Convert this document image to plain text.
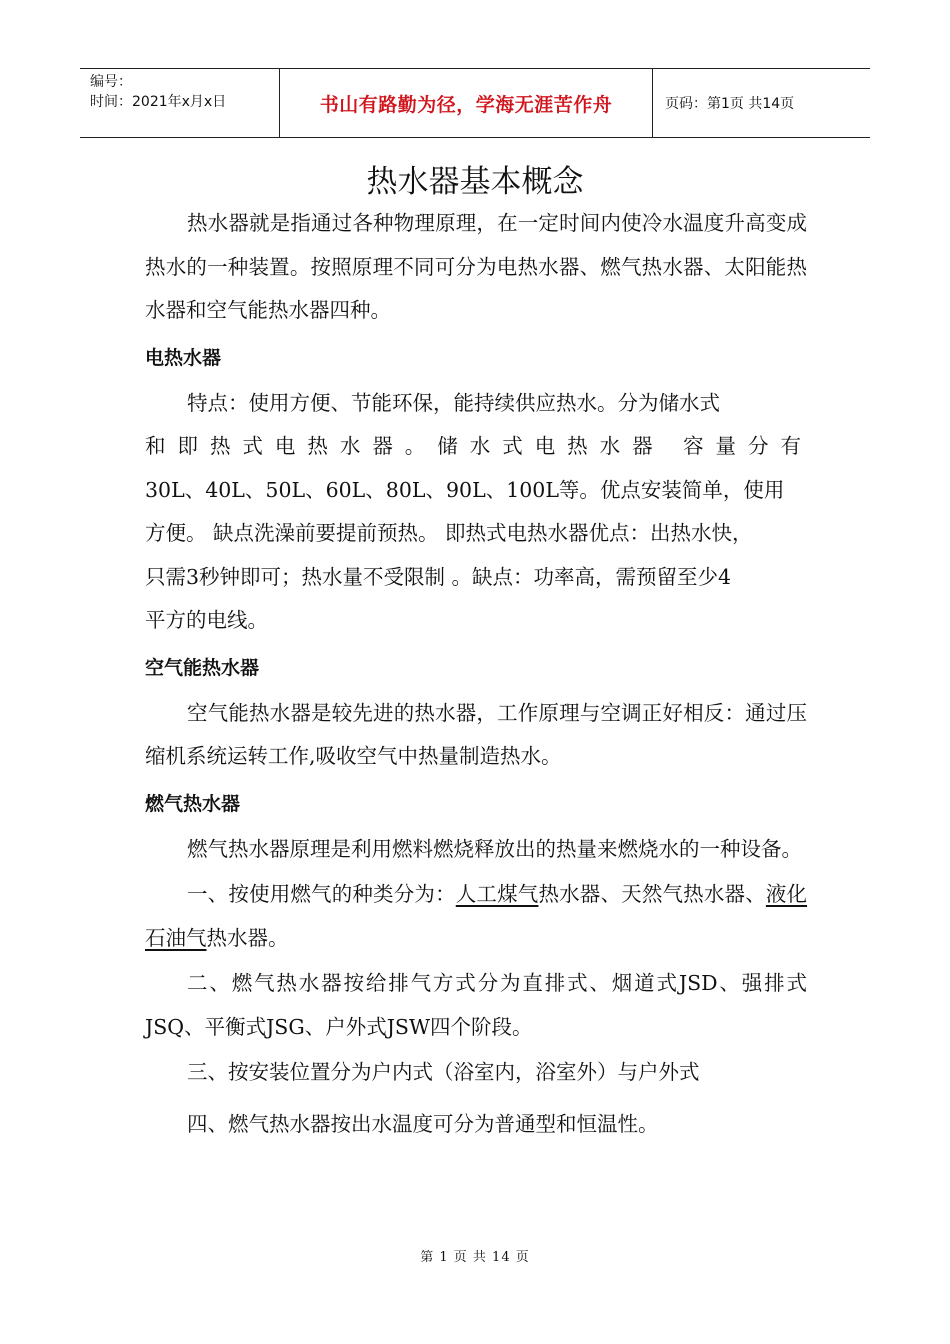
编号：
时间：2021年x月x日	书山有路勤为径，学海无涯苦作舟	页码：第1页 共14页
热水器基本概念

热水器就是指通过各种物理原理，在一定时间内使冷水温度升高变成热水的一种装置。按照原理不同可分为电热水器、燃气热水器、太阳能热水器和空气能热水器四种。

电热水器

特点：使用方便、节能环保，能持续供应热水。分为储水式

和即热式电热水器。储水式电热水器 容量分有
30L、40L、50L、60L、80L、90L、100L等。优点安装简单，使用
方便。 缺点洗澡前要提前预热。 即热式电热水器优点：出热水快，
只需3秒钟即可；热水量不受限制 。缺点：功率高，需预留至少4
平方的电线。
空气能热水器

空气能热水器是较先进的热水器，工作原理与空调正好相反：通过压缩机系统运转工作,吸收空气中热量制造热水。

燃气热水器

燃气热水器原理是利用燃料燃烧释放出的热量来燃烧水的一种设备。

一、按使用燃气的种类分为：人工煤气热水器、天然气热水器、液化石油气热水器。

二、燃气热水器按给排气方式分为直排式、烟道式JSD、强排式JSQ、平衡式JSG、户外式JSW四个阶段。

三、按安装位置分为户内式（浴室内，浴室外）与户外式

四、燃气热水器按出水温度可分为普通型和恒温性。

第 1 页 共 14 页
